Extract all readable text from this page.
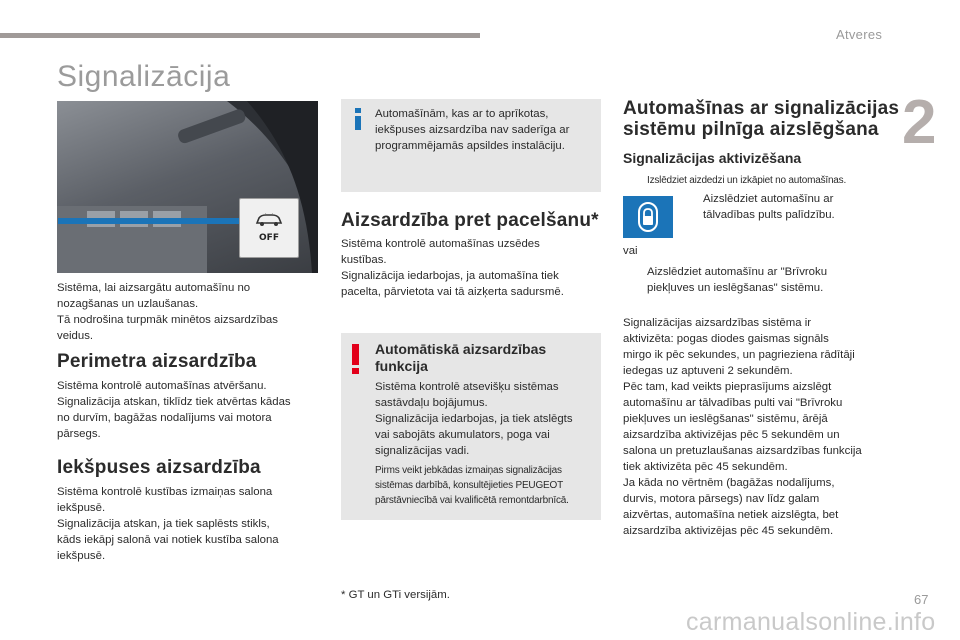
Atveres
2
Signalizācija
OFF
Sistēma, lai aizsargātu automašīnu no
nozagšanas un uzlaušanas.
Tā nodrošina turpmāk minētos aizsardzības
veidus.
Perimetra aizsardzība
Sistēma kontrolē automašīnas atvēršanu.
Signalizācija atskan, tiklīdz tiek atvērtas kādas
no durvīm, bagāžas nodalījums vai motora
pārsegs.
Iekšpuses aizsardzība
Sistēma kontrolē kustības izmaiņas salona
iekšpusē.
Signalizācija atskan, ja tiek saplēsts stikls,
kāds iekāpj salonā vai notiek kustība salona
iekšpusē.
Automašīnām, kas ar to aprīkotas,
iekšpuses aizsardzība nav saderīga ar
programmējamās apsildes instalāciju.
Aizsardzība pret pacelšanu*
Sistēma kontrolē automašīnas uzsēdes
kustības.
Signalizācija iedarbojas, ja automašīna tiek
pacelta, pārvietota vai tā aizķerta sadursmē.
Automātiskā aizsardzības
funkcija
Sistēma kontrolē atsevišķu sistēmas
sastāvdaļu bojājumus.
Signalizācija iedarbojas, ja tiek atslēgts
vai sabojāts akumulators, poga vai
signalizācijas vadi.
Pirms veikt jebkādas izmaiņas signalizācijas
sistēmas darbībā, konsultējieties PEUGEOT
pārstāvniecībā vai kvalificētā remontdarbnīcā.
* GT un GTi versijām.
Automašīnas ar signalizācijas
sistēmu pilnīga aizslēgšana
Signalizācijas aktivizēšana
Izslēdziet aizdedzi un izkāpiet no automašīnas.
Aizslēdziet automašīnu ar
tālvadības pults palīdzību.
vai
Aizslēdziet automašīnu ar "Brīvroku
piekļuves un ieslēgšanas" sistēmu.
Signalizācijas aizsardzības sistēma ir
aktivizēta: pogas diodes gaismas signāls
mirgo ik pēc sekundes, un pagrieziena rādītāji
iedegas uz aptuveni 2 sekundēm.
Pēc tam, kad veikts pieprasījums aizslēgt
automašīnu ar tālvadības pulti vai "Brīvroku
piekļuves un ieslēgšanas" sistēmu, ārējā
aizsardzība aktivizējas pēc 5 sekundēm un
salona un pretuzlaušanas aizsardzības funkcija
tiek aktivizēta pēc 45 sekundēm.
Ja kāda no vērtnēm (bagāžas nodalījums,
durvis, motora pārsegs) nav līdz galam
aizvērtas, automašīna netiek aizslēgta, bet
aizsardzība aktivizējas pēc 45 sekundēm.
67
carmanualsonline.info
